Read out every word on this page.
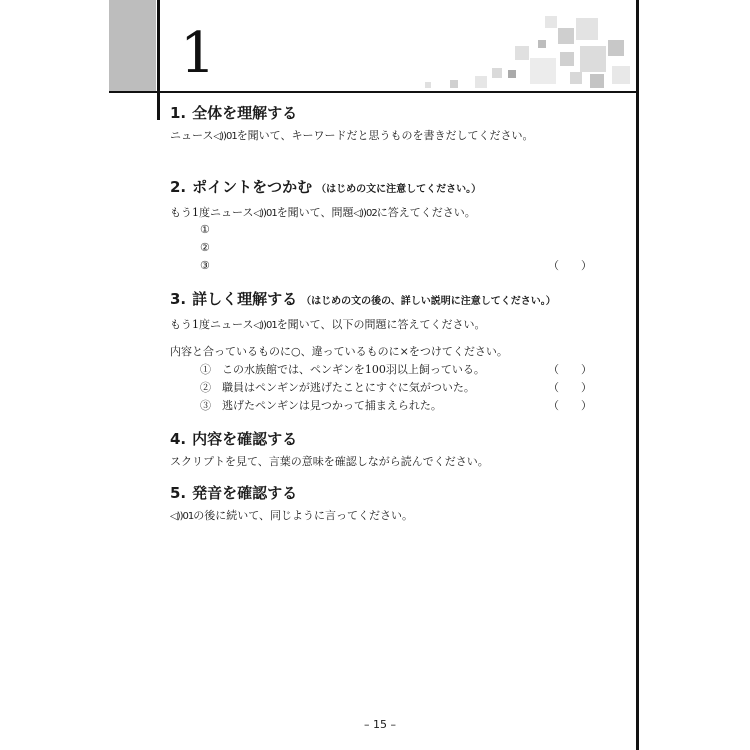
1
1. 全体を理解する
ニュース◁))01を聞いて、キーワードだと思うものを書きだしてください。
2. ポイントをつかむ （はじめの文に注意してください。）
もう1度ニュース◁))01を聞いて、問題◁))02に答えてください。
①
②
③	（　　）
3. 詳しく理解する （はじめの文の後の、詳しい説明に注意してください。）
もう1度ニュース◁))01を聞いて、以下の問題に答えてください。
内容と合っているものに○、違っているものに×をつけてください。
①　この水族館では、ペンギンを100羽以上飼っている。	（　　）
②　職員はペンギンが逃げたことにすぐに気がついた。	（　　）
③　逃げたペンギンは見つかって捕まえられた。	（　　）
4. 内容を確認する
スクリプトを見て、言葉の意味を確認しながら読んでください。
5. 発音を確認する
◁))01の後に続いて、同じように言ってください。
– 15 –
